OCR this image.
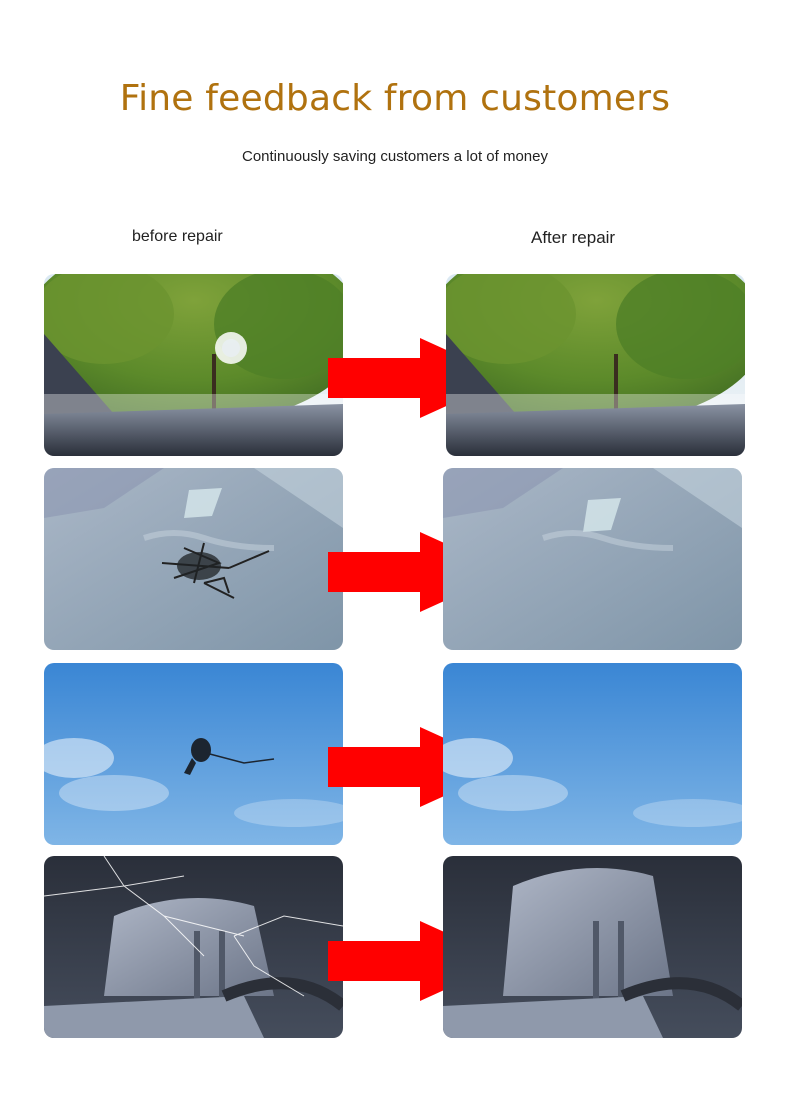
Fine feedback from customers
Continuously saving customers a lot of money
before repair	After repair
